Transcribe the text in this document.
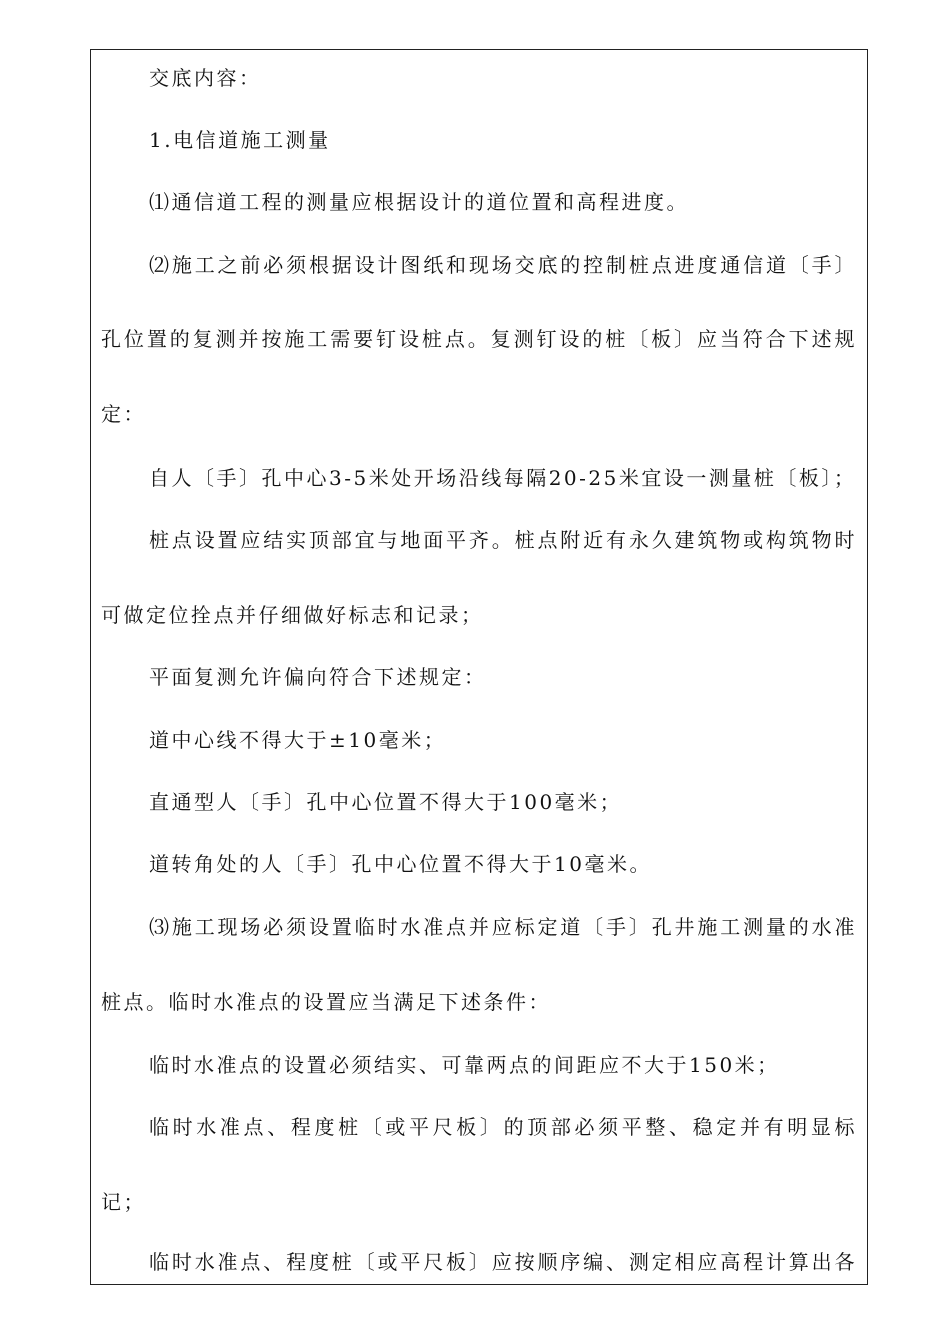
交底内容：
1.电信道施工测量
⑴通信道工程的测量应根据设计的道位置和高程进度。
⑵施工之前必须根据设计图纸和现场交底的控制桩点进度通信道〔手〕
孔位置的复测并按施工需要钉设桩点。复测钉设的桩〔板〕应当符合下述规
定：
自人〔手〕孔中心3-5米处开场沿线每隔20-25米宜设一测量桩〔板〕；
桩点设置应结实顶部宜与地面平齐。桩点附近有永久建筑物或构筑物时
可做定位拴点并仔细做好标志和记录；
平面复测允许偏向符合下述规定：
道中心线不得大于±10毫米；
直通型人〔手〕孔中心位置不得大于100毫米；
道转角处的人〔手〕孔中心位置不得大于10毫米。
⑶施工现场必须设置临时水准点并应标定道〔手〕孔井施工测量的水准
桩点。临时水准点的设置应当满足下述条件：
临时水准点的设置必须结实、可靠两点的间距应不大于150米；
临时水准点、程度桩〔或平尺板〕的顶部必须平整、稳定并有明显标
记；
临时水准点、程度桩〔或平尺板〕应按顺序编、测定相应高程计算出各
